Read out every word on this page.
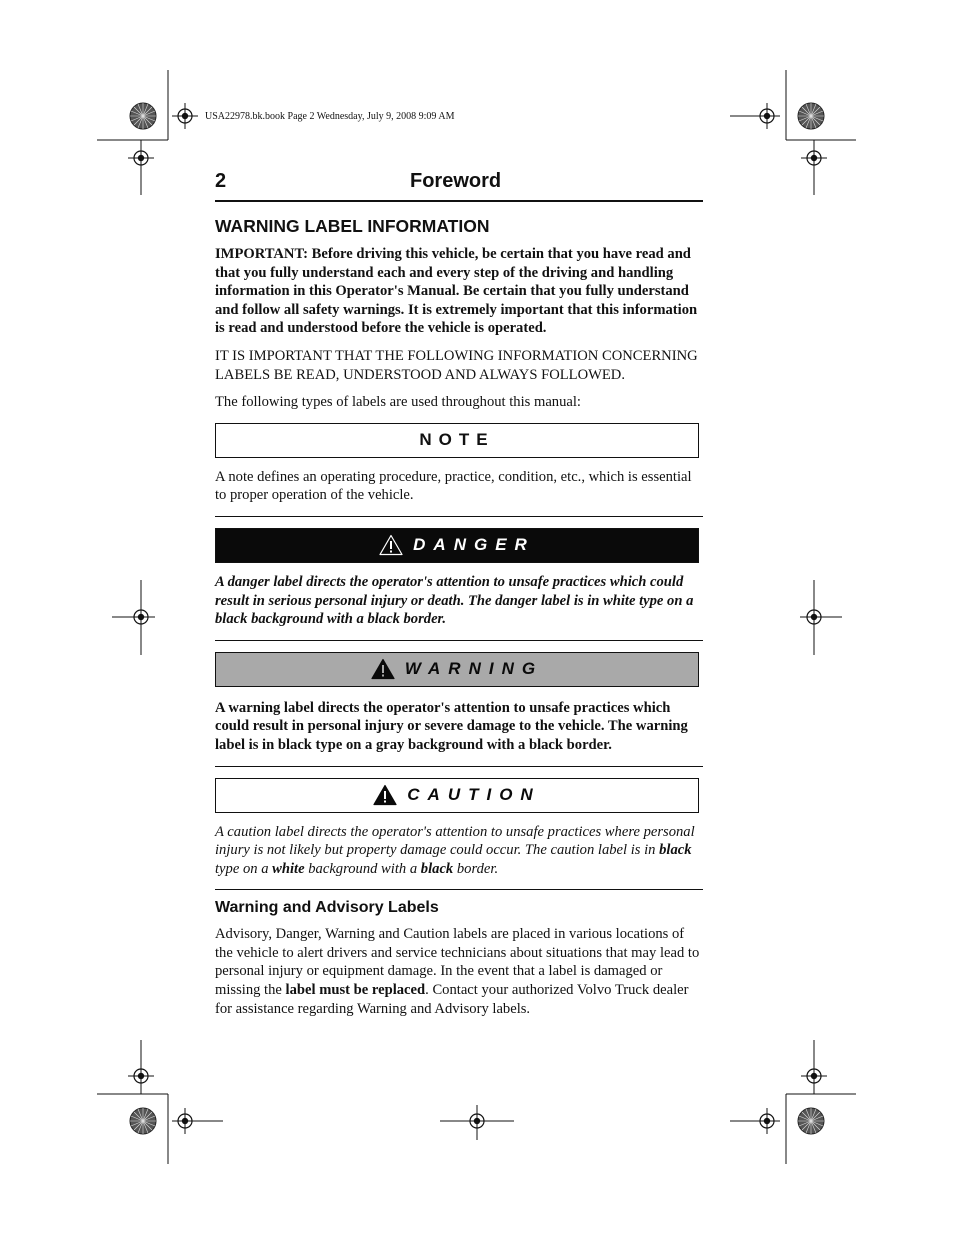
USA22978.bk.book Page 2 Wednesday, July 9, 2008 9:09 AM
2	Foreword
WARNING LABEL INFORMATION

IMPORTANT: Before driving this vehicle, be certain that you have read and that you fully understand each and every step of the driving and handling information in this Operator's Manual. Be certain that you fully understand and follow all safety warnings. It is extremely important that this information is read and understood before the vehicle is operated.

IT IS IMPORTANT THAT THE FOLLOWING INFORMATION CONCERNING LABELS BE READ, UNDERSTOOD AND ALWAYS FOLLOWED.

The following types of labels are used throughout this manual:

NOTE

A note defines an operating procedure, practice, condition, etc., which is essential to proper operation of the vehicle.

DANGER

A danger label directs the operator's attention to unsafe practices which could result in serious personal injury or death. The danger label is in white type on a black background with a black border.

WARNING

A warning label directs the operator's attention to unsafe practices which could result in personal injury or severe damage to the vehicle. The warning label is in black type on a gray background with a black border.

CAUTION

A caution label directs the operator's attention to unsafe practices where personal injury is not likely but property damage could occur. The caution label is in black type on a white background with a black border.

Warning and Advisory Labels

Advisory, Danger, Warning and Caution labels are placed in various locations of the vehicle to alert drivers and service technicians about situations that may lead to personal injury or equipment damage. In the event that a label is damaged or missing the label must be replaced. Contact your authorized Volvo Truck dealer for assistance regarding Warning and Advisory labels.
